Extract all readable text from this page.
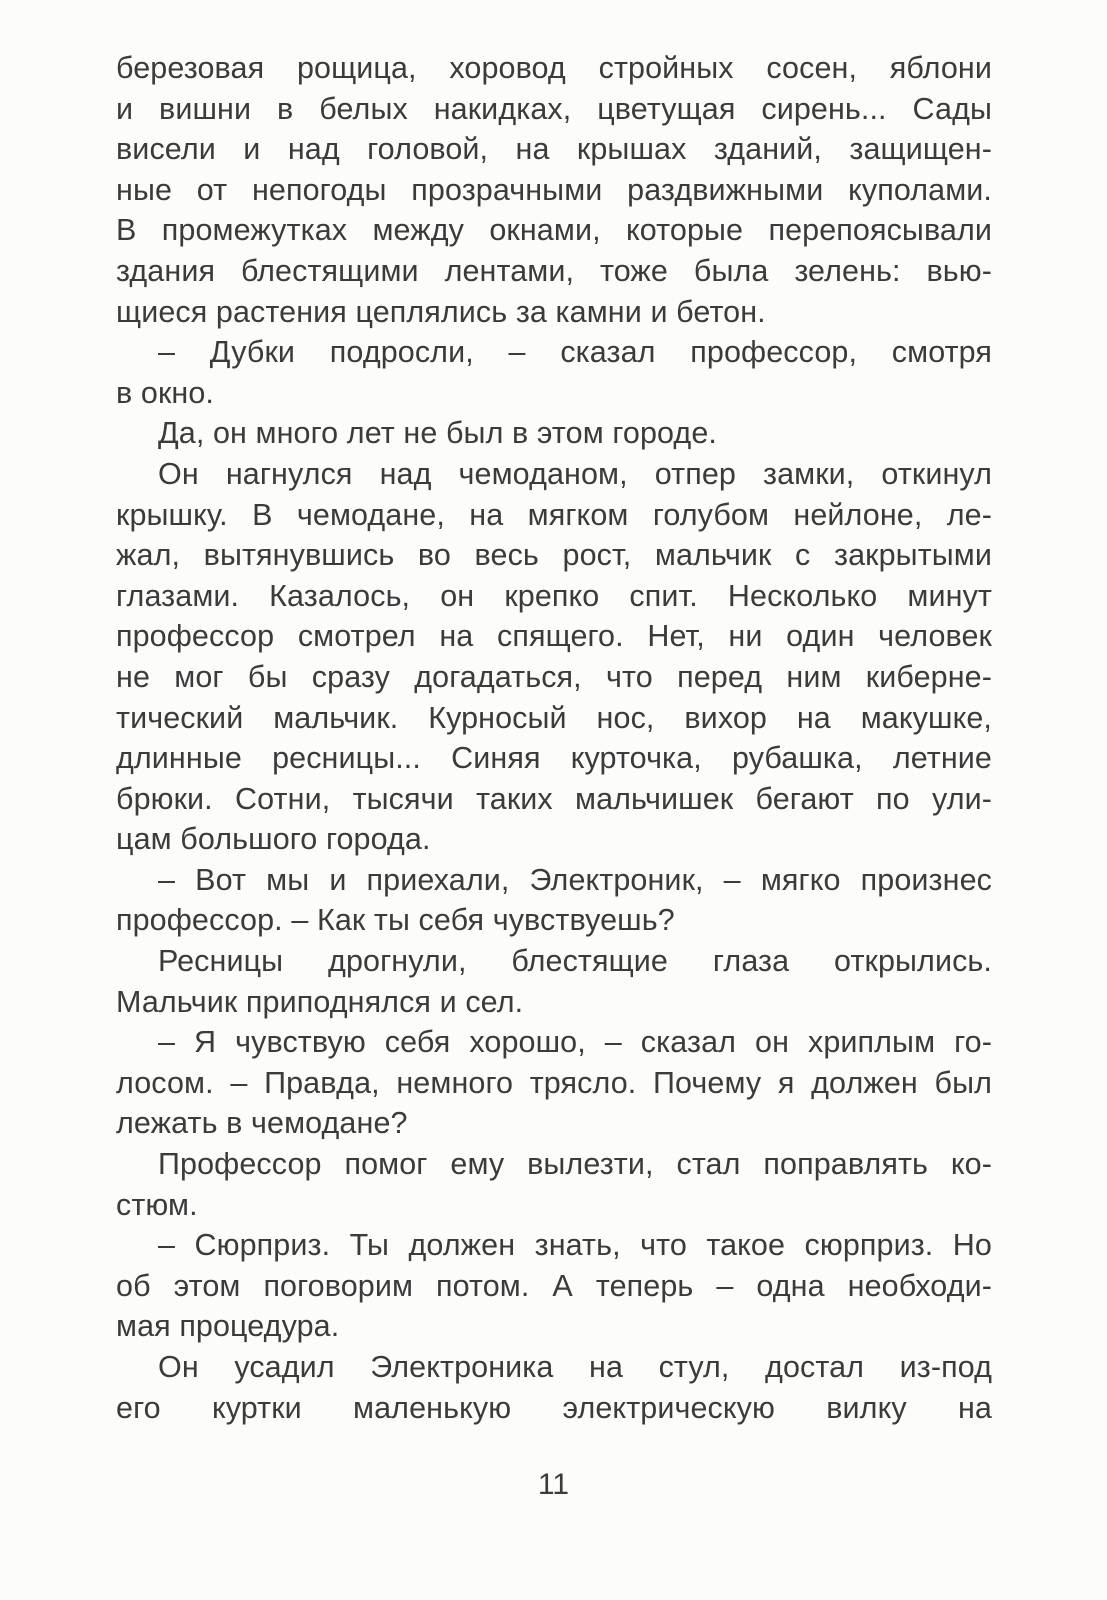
березовая рощица, хоровод стройных сосен, яблони
и вишни в белых накидках, цветущая сирень... Сады
висели и над головой, на крышах зданий, защищен-
ные от непогоды прозрачными раздвижными куполами.
В промежутках между окнами, которые перепоясывали
здания блестящими лентами, тоже была зелень: вью-
щиеся растения цеплялись за камни и бетон.
– Дубки подросли, – сказал профессор, смотря
в окно.
Да, он много лет не был в этом городе.
Он нагнулся над чемоданом, отпер замки, откинул
крышку. В чемодане, на мягком голубом нейлоне, ле-
жал, вытянувшись во весь рост, мальчик с закрытыми
глазами. Казалось, он крепко спит. Несколько минут
профессор смотрел на спящего. Нет, ни один человек
не мог бы сразу догадаться, что перед ним киберне-
тический мальчик. Курносый нос, вихор на макушке,
длинные ресницы... Синяя курточка, рубашка, летние
брюки. Сотни, тысячи таких мальчишек бегают по ули-
цам большого города.
– Вот мы и приехали, Электроник, – мягко произнес
профессор. – Как ты себя чувствуешь?
Ресницы дрогнули, блестящие глаза открылись.
Мальчик приподнялся и сел.
– Я чувствую себя хорошо, – сказал он хриплым го-
лосом. – Правда, немного трясло. Почему я должен был
лежать в чемодане?
Профессор помог ему вылезти, стал поправлять ко-
стюм.
– Сюрприз. Ты должен знать, что такое сюрприз. Но
об этом поговорим потом. А теперь – одна необходи-
мая процедура.
Он усадил Электроника на стул, достал из-под
его куртки маленькую электрическую вилку на
11
